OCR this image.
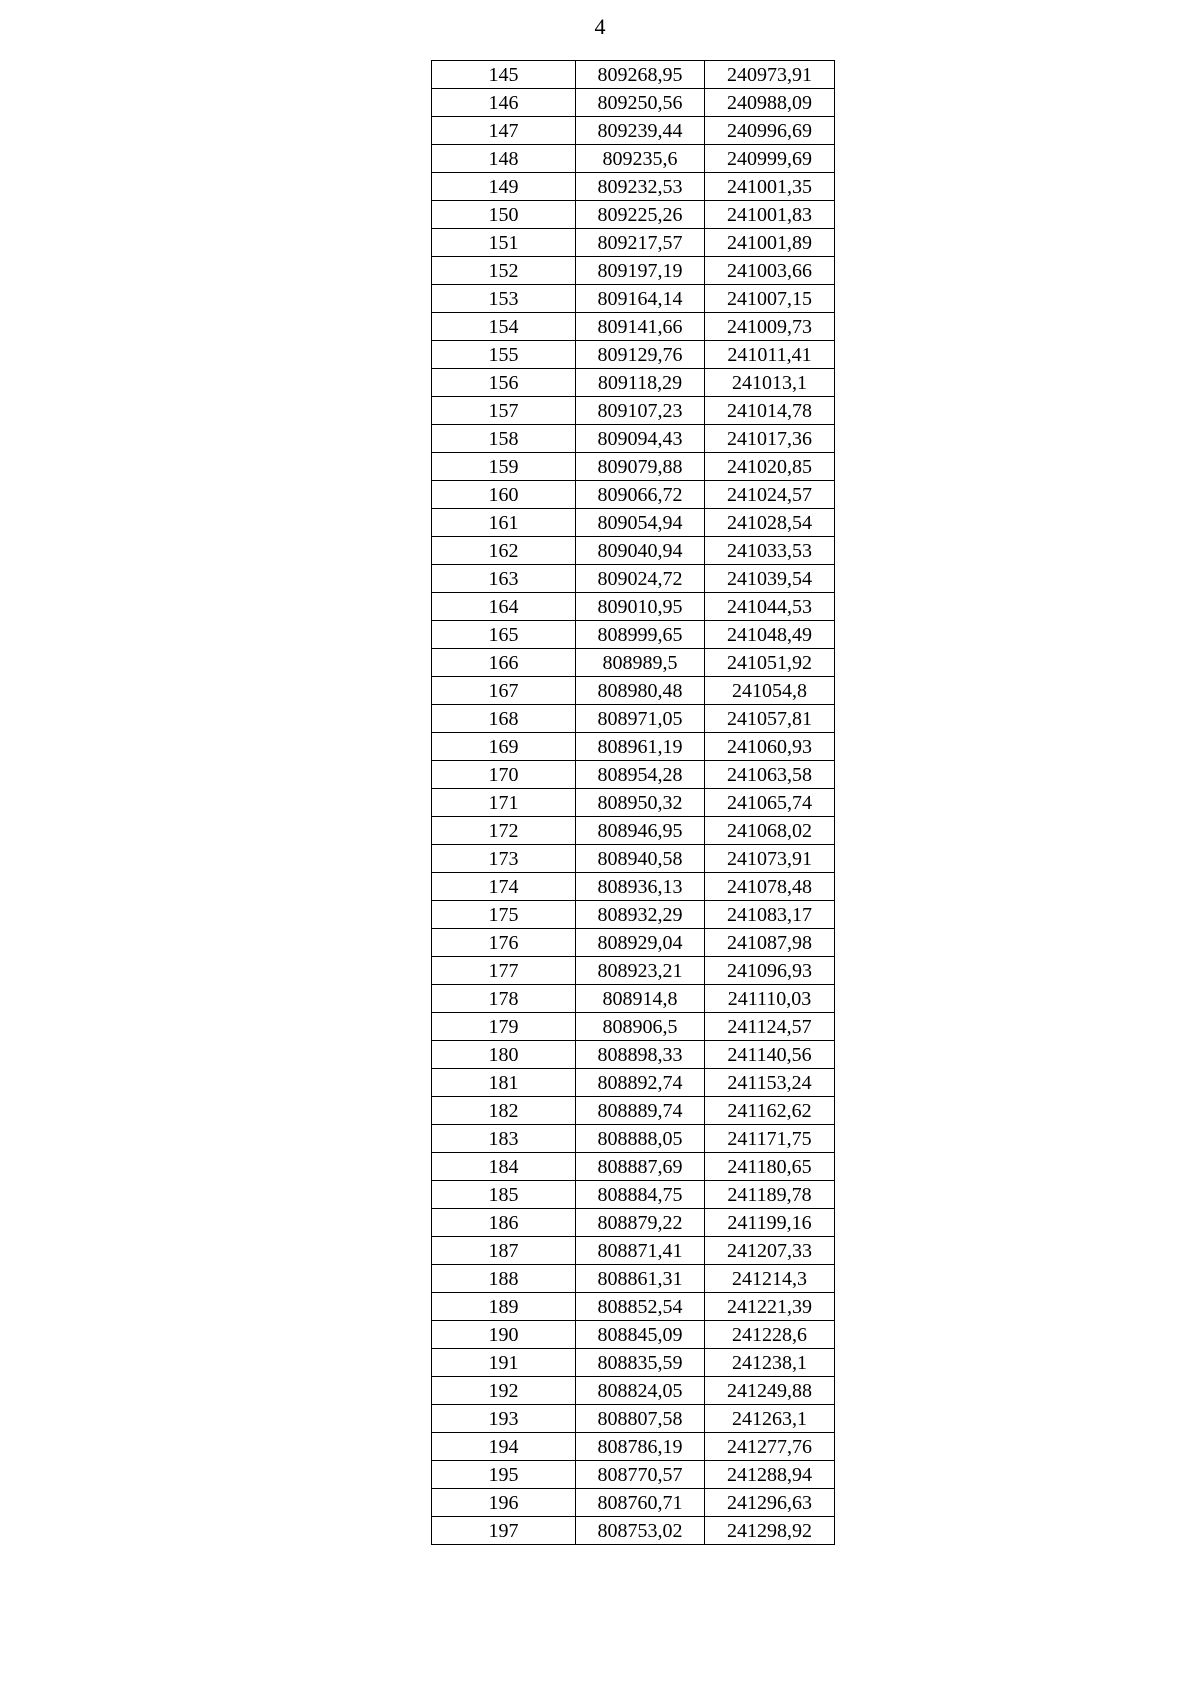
4
145	809268,95	240973,91
146	809250,56	240988,09
147	809239,44	240996,69
148	809235,6	240999,69
149	809232,53	241001,35
150	809225,26	241001,83
151	809217,57	241001,89
152	809197,19	241003,66
153	809164,14	241007,15
154	809141,66	241009,73
155	809129,76	241011,41
156	809118,29	241013,1
157	809107,23	241014,78
158	809094,43	241017,36
159	809079,88	241020,85
160	809066,72	241024,57
161	809054,94	241028,54
162	809040,94	241033,53
163	809024,72	241039,54
164	809010,95	241044,53
165	808999,65	241048,49
166	808989,5	241051,92
167	808980,48	241054,8
168	808971,05	241057,81
169	808961,19	241060,93
170	808954,28	241063,58
171	808950,32	241065,74
172	808946,95	241068,02
173	808940,58	241073,91
174	808936,13	241078,48
175	808932,29	241083,17
176	808929,04	241087,98
177	808923,21	241096,93
178	808914,8	241110,03
179	808906,5	241124,57
180	808898,33	241140,56
181	808892,74	241153,24
182	808889,74	241162,62
183	808888,05	241171,75
184	808887,69	241180,65
185	808884,75	241189,78
186	808879,22	241199,16
187	808871,41	241207,33
188	808861,31	241214,3
189	808852,54	241221,39
190	808845,09	241228,6
191	808835,59	241238,1
192	808824,05	241249,88
193	808807,58	241263,1
194	808786,19	241277,76
195	808770,57	241288,94
196	808760,71	241296,63
197	808753,02	241298,92
